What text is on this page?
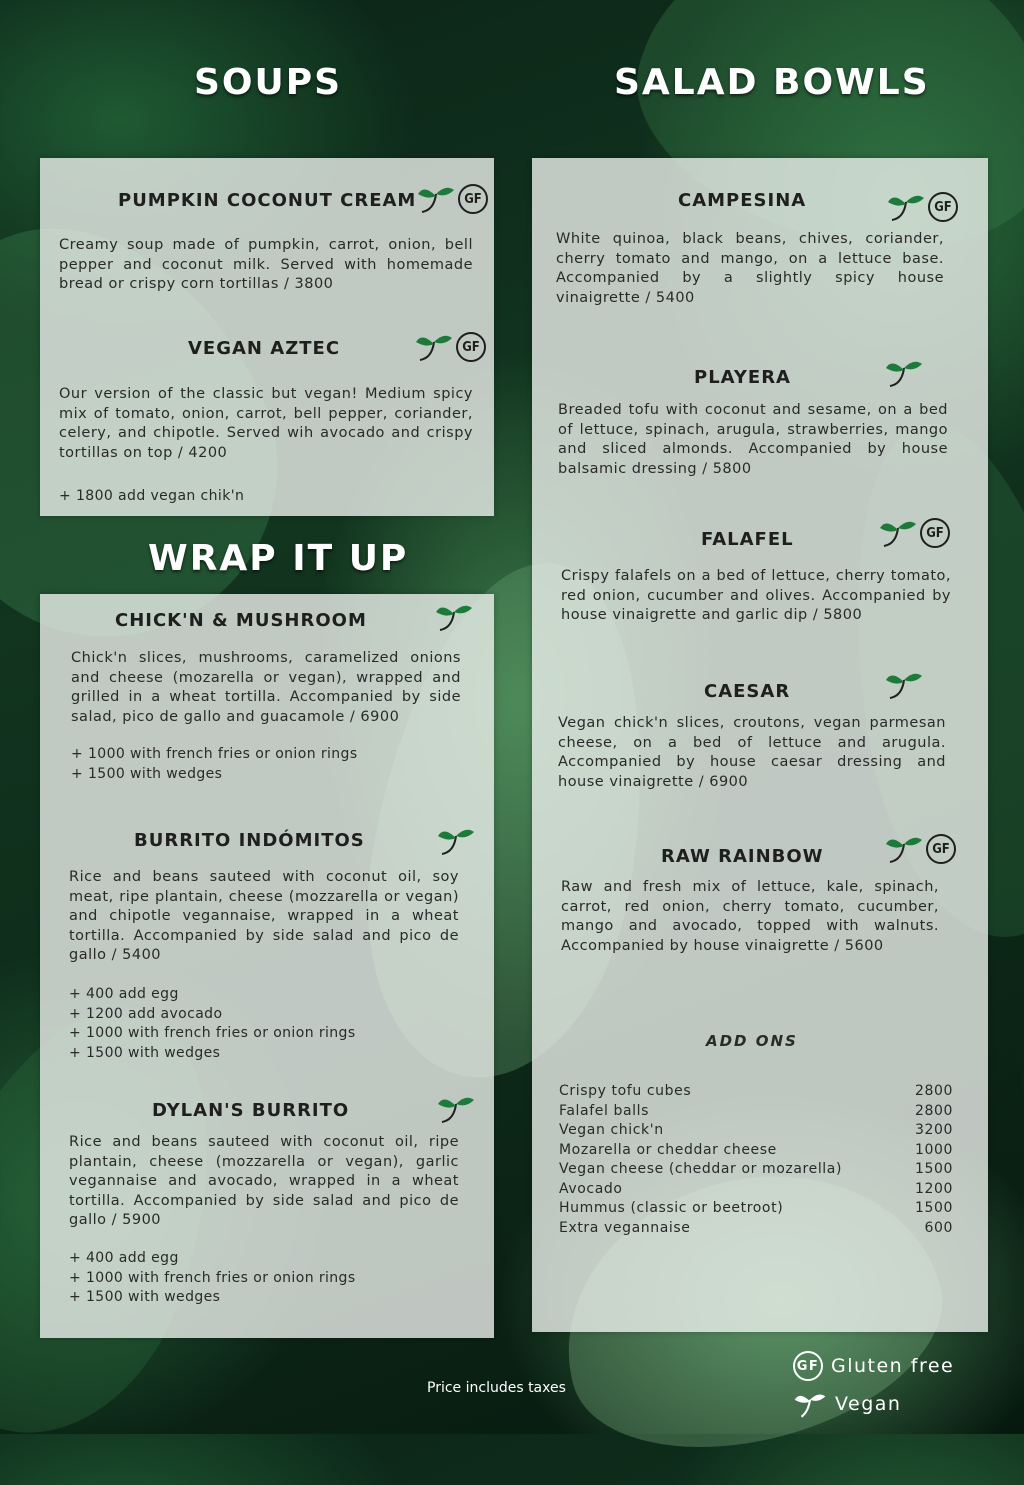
SOUPS	SALAD BOWLS
WRAP IT UP
PUMPKIN COCONUT CREAM	GF
Creamy soup made of pumpkin, carrot, onion, bell pepper and coconut milk. Served with homemade bread or crispy corn tortillas / 3800
VEGAN AZTEC	GF
Our version of the classic but vegan! Medium spicy mix of tomato, onion, carrot, bell pepper, coriander, celery, and chipotle. Served wih avocado and crispy tortillas on top / 4200
+ 1800 add vegan chik'n
CHICK'N & MUSHROOM
Chick'n slices, mushrooms, caramelized onions and cheese (mozarella or vegan), wrapped and grilled in a wheat tortilla. Accompanied by side salad, pico de gallo and guacamole / 6900
+ 1000 with french fries or onion rings
+ 1500 with wedges
BURRITO INDÓMITOS
Rice and beans sauteed with coconut oil, soy meat, ripe plantain, cheese (mozzarella or vegan) and chipotle vegannaise, wrapped in a wheat tortilla. Accompanied by side salad and pico de gallo / 5400
+ 400 add egg
+ 1200 add avocado
+ 1000 with french fries or onion rings
+ 1500 with wedges
DYLAN'S BURRITO
Rice and beans sauteed with coconut oil, ripe plantain, cheese (mozzarella or vegan), garlic vegannaise and avocado, wrapped in a wheat tortilla. Accompanied by side salad and pico de gallo / 5900
+ 400 add egg
+ 1000 with french fries or onion rings
+ 1500 with wedges
CAMPESINA	GF
White quinoa, black beans, chives, coriander, cherry tomato and mango, on a lettuce base. Accompanied by a slightly spicy house vinaigrette / 5400
PLAYERA
Breaded tofu with coconut and sesame, on a bed of lettuce, spinach, arugula, strawberries, mango and sliced almonds. Accompanied by house balsamic dressing / 5800
FALAFEL	GF
Crispy falafels on a bed of lettuce, cherry tomato, red onion, cucumber and olives. Accompanied by house vinaigrette and garlic dip / 5800
CAESAR
Vegan chick'n slices, croutons, vegan parmesan cheese, on a bed of lettuce and arugula. Accompanied by house caesar dressing and house vinaigrette / 6900
RAW RAINBOW	GF
Raw and fresh mix of lettuce, kale, spinach, carrot, red onion, cherry tomato, cucumber, mango and avocado, topped with walnuts. Accompanied by house vinaigrette / 5600
ADD ONS
Crispy tofu cubes	2800
Falafel balls	2800
Vegan chick'n	3200
Mozarella or cheddar cheese	1000
Vegan cheese (cheddar or mozarella)	1500
Avocado	1200
Hummus (classic or beetroot)	1500
Extra vegannaise	600
Price includes taxes
GF Gluten free
Vegan
